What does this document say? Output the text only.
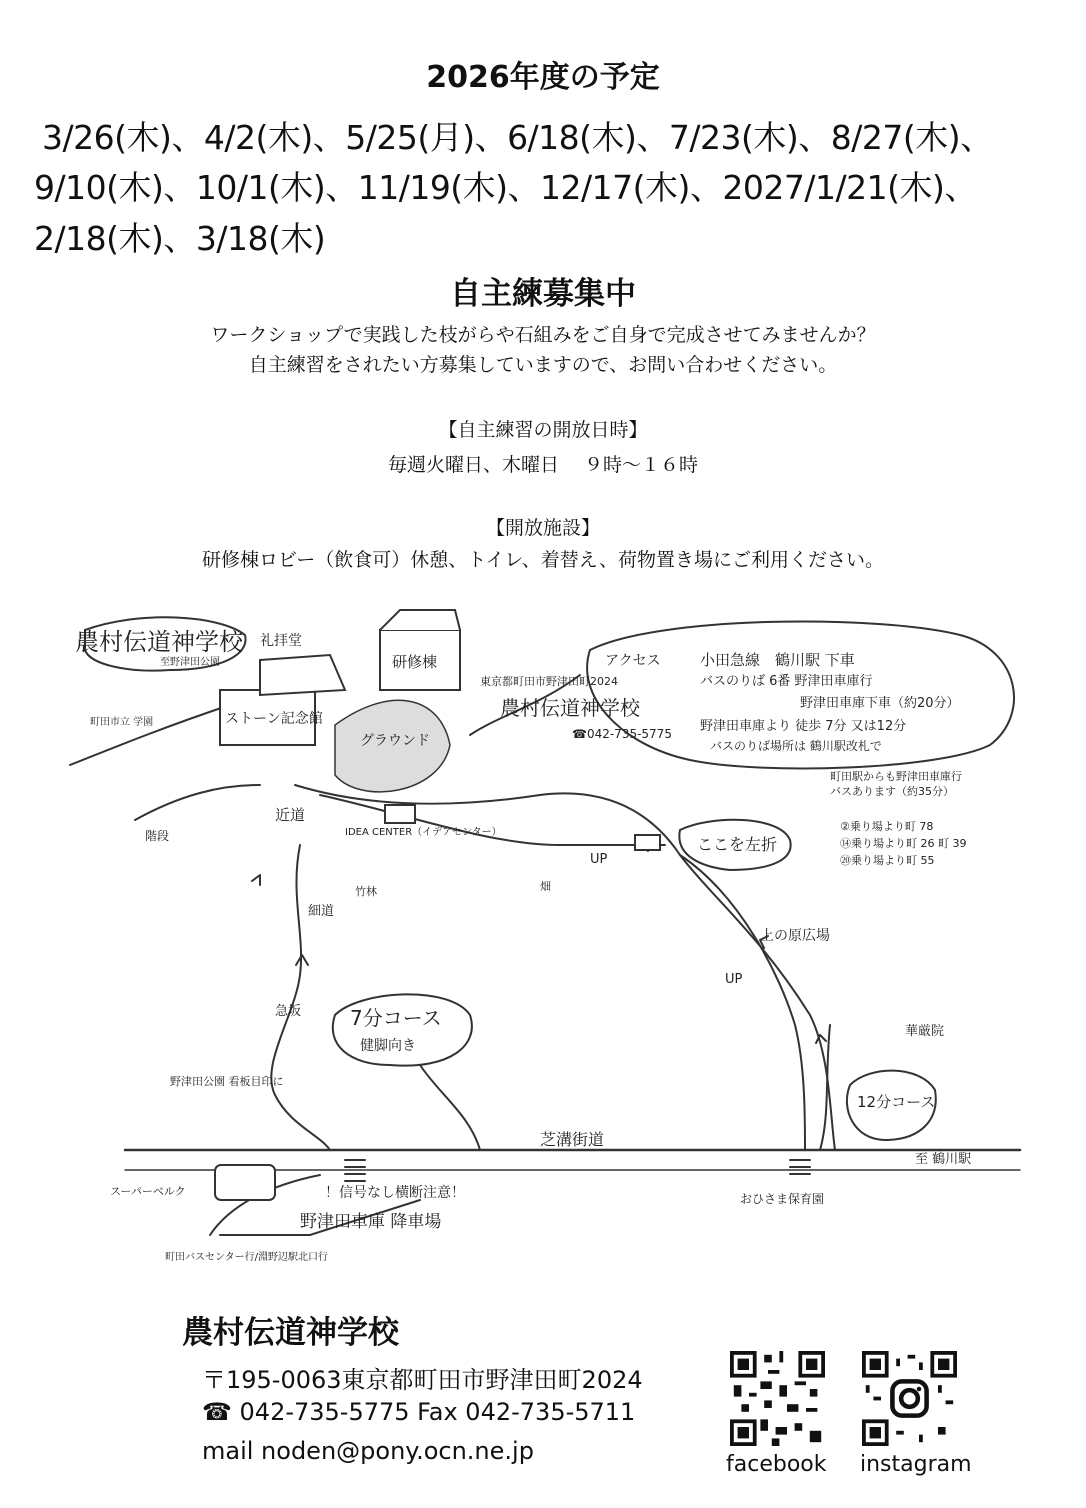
2026年度の予定
3/26(木)、4/2(木)、5/25(月)、6/18(木)、7/23(木)、8/27(木)、
9/10(木)、10/1(木)、11/19(木)、12/17(木)、2027/1/21(木)、
2/18(木)、3/18(木)
自主練募集中
ワークショップで実践した枝がらや石組みをご自身で完成させてみませんか？
自主練習をされたい方募集していますので、お問い合わせください。
【自主練習の開放日時】
毎週火曜日、木曜日　 ９時～１６時
【開放施設】
研修棟ロビー（飲食可）休憩、トイレ、着替え、荷物置き場にご利用ください。
農村伝道神学校 礼拝堂
ストーン記念館
研修棟
グラウンド
IDEA CENTER（イデアセンター）
東京都町田市野津田町2024
農村伝道神学校
☎042-735-5775
アクセス	小田急線　鶴川駅 下車
バスのりば 6番 野津田車庫行
野津田車庫下車（約20分）
野津田車庫より 徒歩 7分 又は12分
バスのりば場所は 鶴川駅改札で
町田駅からも野津田車庫行
バスあります（約35分）
②乗り場より町 78
⑭乗り場より町 26 町 39
⑳乗り場より町 55
ここを左折
UP
UP
上の原広場
7分コース
健脚向き
12分コース
芝溝街道
至 鶴川駅
野津田車庫 降車場
！信号なし横断注意！
町田バスセンター行/淵野辺駅北口行
スーパーベルク
野津田公園 看板目印に
華厳院
おひさま保育園
近道
細道
急坂
階段
竹林	畑
至野津田公園
町田市立 学園
農村伝道神学校
〒195-0063東京都町田市野津田町2024
☎ 042-735-5775 Fax 042-735-5711
mail noden@pony.ocn.ne.jp	facebook instagram
